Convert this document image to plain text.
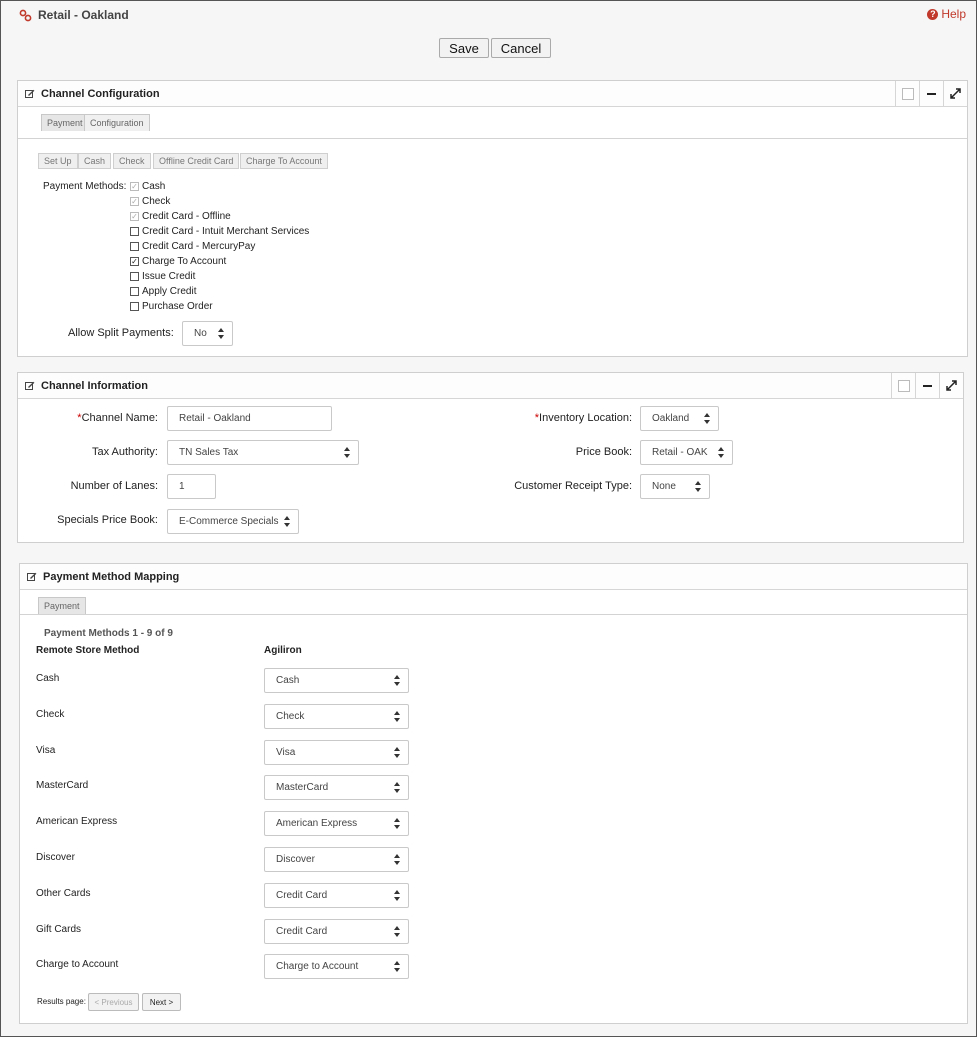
Retail - Oakland	? Help
Save	Cancel
Channel Configuration
Payment Configuration
Set Up	Cash	Check	Offline Credit Card	Charge To Account
Payment Methods: ✓ Cash
✓ Check
✓ Credit Card - Offline
Credit Card - Intuit Merchant Services
Credit Card - MercuryPay
✓ Charge To Account
Issue Credit
Apply Credit
Purchase Order
Allow Split Payments: No
Channel Information
*Channel Name: Retail - Oakland
Tax Authority: TN Sales Tax
Number of Lanes: 1
Specials Price Book: E-Commerce Specials
*Inventory Location: Oakland
Price Book: Retail - OAK
Customer Receipt Type: None
Payment Method Mapping
Payment
Payment Methods 1 - 9 of 9
Remote Store Method	Agiliron
Cash	Cash
Check	Check
Visa	Visa
MasterCard	MasterCard
American Express	American Express
Discover	Discover
Other Cards	Credit Card
Gift Cards	Credit Card
Charge to Account	Charge to Account
Results page:	< Previous	Next >
